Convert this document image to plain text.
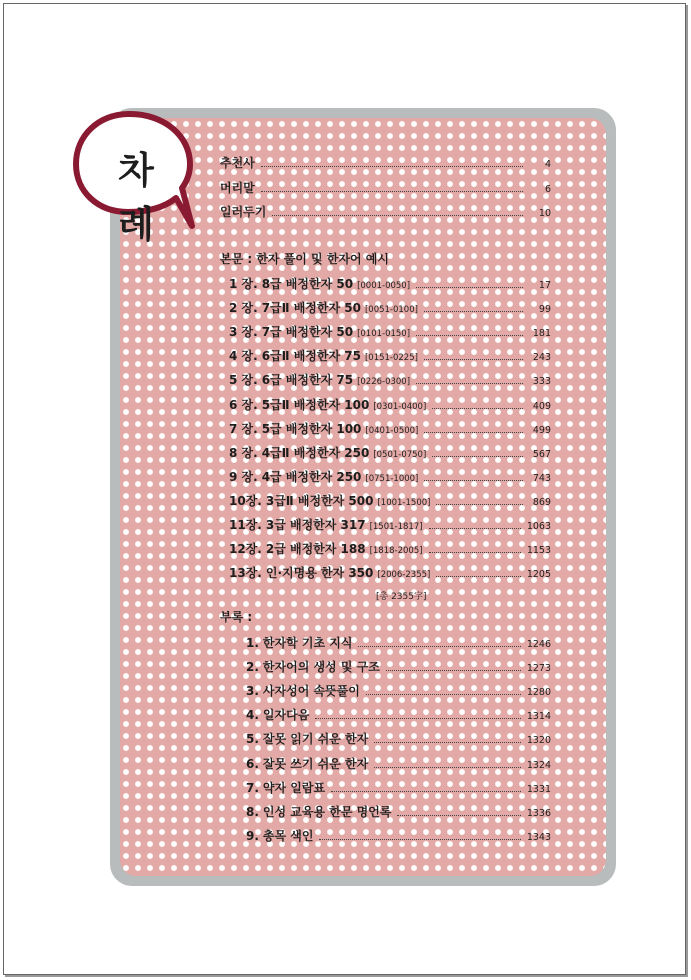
차 례
추천사	4
머리말	6
일러두기	10
본문 : 한자 풀이 및 한자어 예시
1 장. 8급 배정한자 50 [0001-0050]	17
2 장. 7급Ⅱ 배정한자 50 [0051-0100]	99
3 장. 7급 배정한자 50 [0101-0150]	181
4 장. 6급Ⅱ 배정한자 75 [0151-0225]	243
5 장. 6급 배정한자 75 [0226-0300]	333
6 장. 5급Ⅱ 배정한자 100 [0301-0400]	409
7 장. 5급 배정한자 100 [0401-0500]	499
8 장. 4급Ⅱ 배정한자 250 [0501-0750]	567
9 장. 4급 배정한자 250 [0751-1000]	743
10장. 3급Ⅱ 배정한자 500 [1001-1500]	869
11장. 3급 배정한자 317 [1501-1817]	1063
12장. 2급 배정한자 188 [1818-2005]	1153
13장. 인·지명용 한자 350 [2006-2355]	1205
[총 2355字]
부록 :
1. 한자학 기초 지식	1246
2. 한자어의 생성 및 구조	1273
3. 사자성어 속뜻풀이	1280
4. 일자다음	1314
5. 잘못 읽기 쉬운 한자	1320
6. 잘못 쓰기 쉬운 한자	1324
7. 약자 일람표	1331
8. 인성 교육용 한문 명언록	1336
9. 총목 색인	1343
